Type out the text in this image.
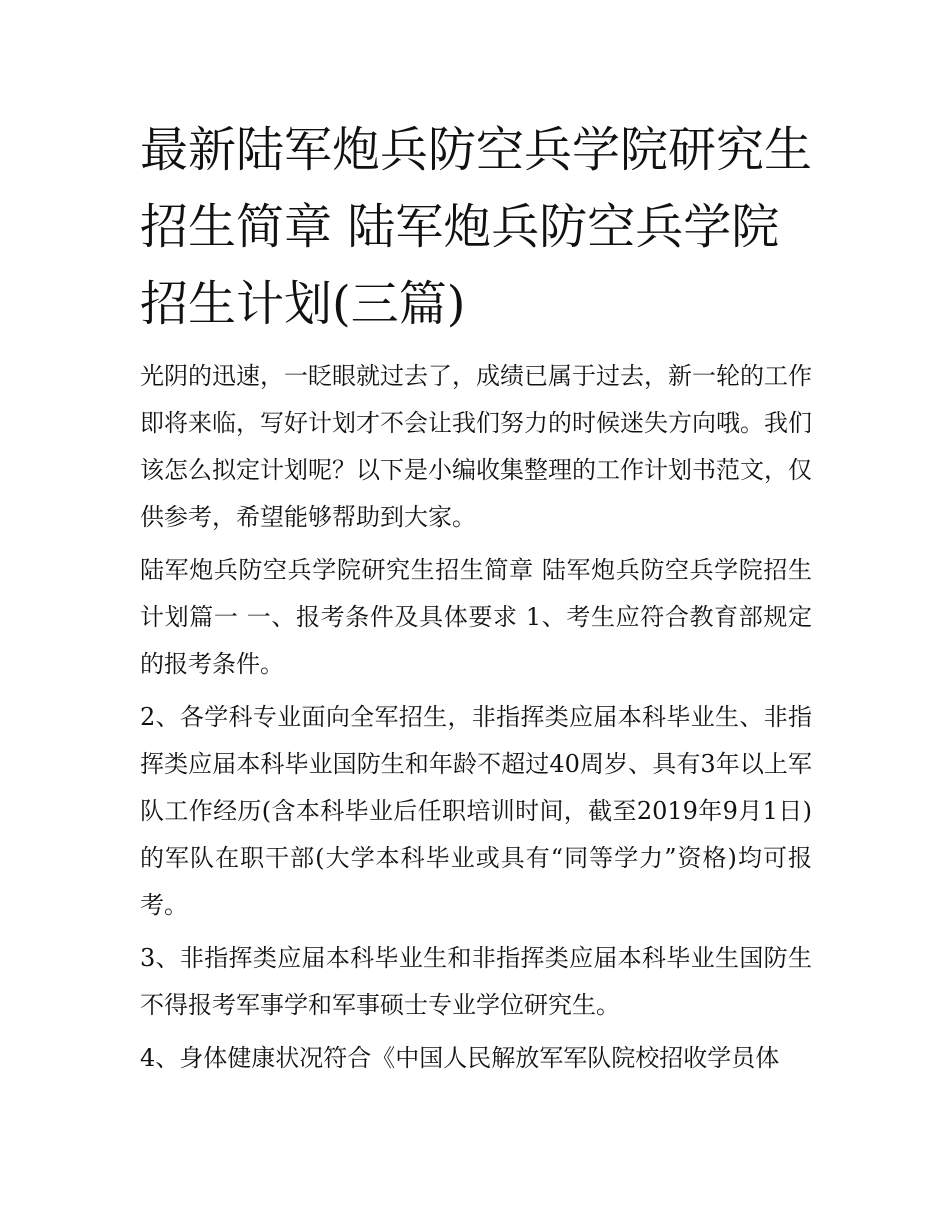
最新陆军炮兵防空兵学院研究生招生简章 陆军炮兵防空兵学院招生计划(三篇)

光阴的迅速，一眨眼就过去了，成绩已属于过去，新一轮的工作即将来临，写好计划才不会让我们努力的时候迷失方向哦。我们该怎么拟定计划呢？以下是小编收集整理的工作计划书范文，仅供参考，希望能够帮助到大家。

陆军炮兵防空兵学院研究生招生简章 陆军炮兵防空兵学院招生计划篇一 一、报考条件及具体要求 1、考生应符合教育部规定的报考条件。

2、各学科专业面向全军招生，非指挥类应届本科毕业生、非指挥类应届本科毕业国防生和年龄不超过40周岁、具有3年以上军队工作经历(含本科毕业后任职培训时间，截至2019年9月1日)的军队在职干部(大学本科毕业或具有“同等学力”资格)均可报考。

3、非指挥类应届本科毕业生和非指挥类应届本科毕业生国防生不得报考军事学和军事硕士专业学位研究生。

4、身体健康状况符合《中国人民解放军军队院校招收学员体
